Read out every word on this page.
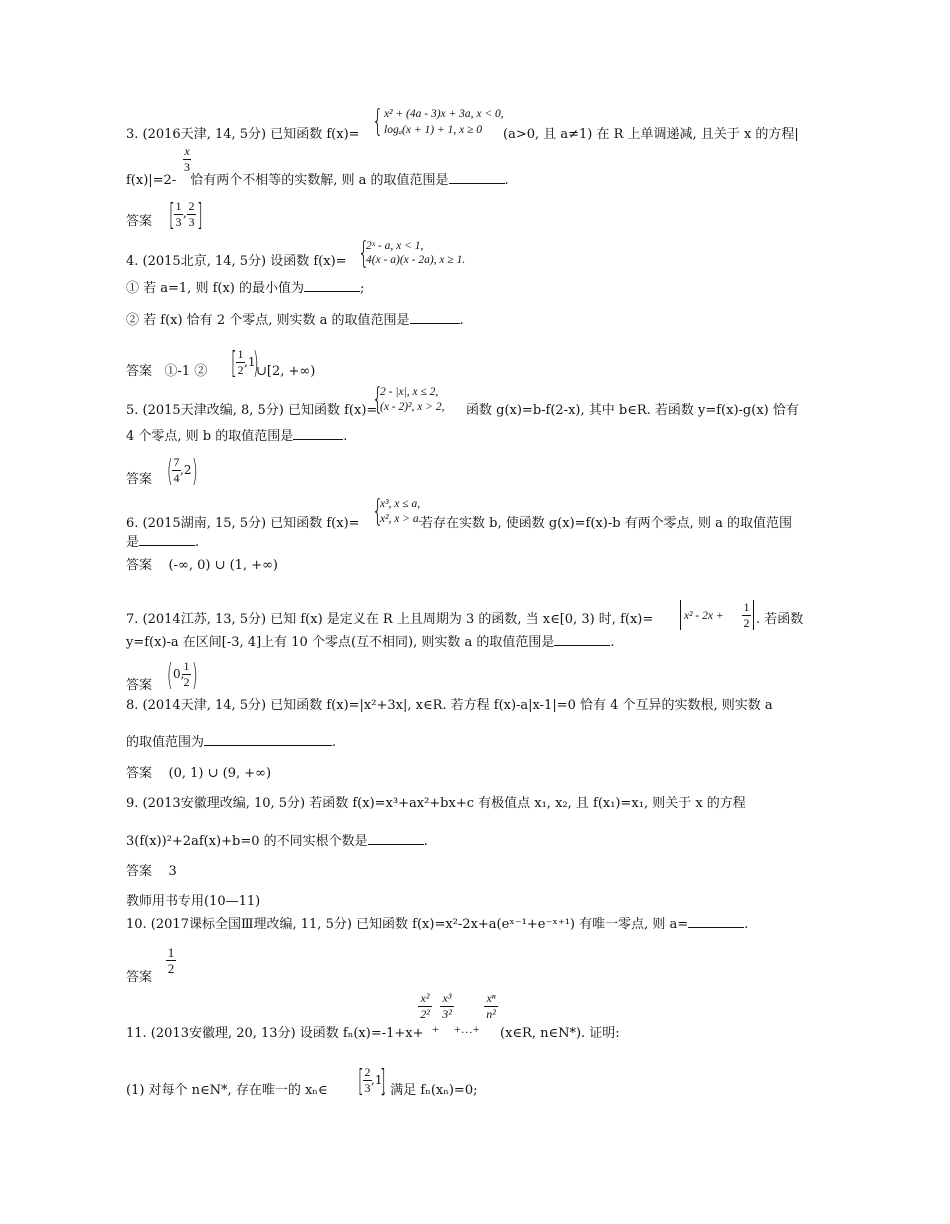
{ x² + (4a - 3)x + 3a, x < 0,
logₐ(x + 1) + 1, x ≥ 0
3. (2016天津, 14, 5分) 已知函数 f(x)=	(a>0, 且 a≠1) 在 R 上单调递减, 且关于 x 的方程|
x
3
f(x)|=2- 恰有两个不相等的实数解, 则 a 的取值范围是	.
答案 [ 1
3
, 2
3 ]
{
2ˣ - a, x < 1,
4(x - a)(x - 2a), x ≥ 1.
4. (2015北京, 14, 5分) 设函数 f(x)=
① 若 a=1, 则 f(x) 的最小值为	;
② 若 f(x) 恰有 2 个零点, 则实数 a 的取值范围是	.
答案 ①-1 ② [ 1
2
,1
)
∪[2, +∞)
{
2 - |x|, x ≤ 2,
(x - 2)², x > 2,
5. (2015天津改编, 8, 5分) 已知函数 f(x)=	函数 g(x)=b-f(2-x), 其中 b∈R. 若函数 y=f(x)-g(x) 恰有
4 个零点, 则 b 的取值范围是	.
答案 ( 7
4
,2 )
{
x³, x ≤ a,
x², x > a.
6. (2015湖南, 15, 5分) 已知函数 f(x)=	若存在实数 b, 使函数 g(x)=f(x)-b 有两个零点, 则 a 的取值范围
是	.
答案 (-∞, 0) ∪ (1, +∞)
7. (2014江苏, 13, 5分) 已知 f(x) 是定义在 R 上且周期为 3 的函数, 当 x∈[0, 3) 时, f(x)=	x² - 2x +
1
2 . 若函数
y=f(x)-a 在区间[-3, 4]上有 10 个零点(互不相同), 则实数 a 的取值范围是	.
答案 ( 0,
1
2 )
8. (2014天津, 14, 5分) 已知函数 f(x)=|x²+3x|, x∈R. 若方程 f(x)-a|x-1|=0 恰有 4 个互异的实数根, 则实数 a
的取值范围为	.
答案 (0, 1) ∪ (9, +∞)
9. (2013安徽理改编, 10, 5分) 若函数 f(x)=x³+ax²+bx+c 有极值点 x₁, x₂, 且 f(x₁)=x₁, 则关于 x 的方程
3(f(x))²+2af(x)+b=0 的不同实根个数是	.
答案 3
教师用书专用(10—11)
10. (2017课标全国Ⅲ理改编, 11, 5分) 已知函数 f(x)=x²-2x+a(eˣ⁻¹+e⁻ˣ⁺¹) 有唯一零点, 则 a=	.
答案
1
2
11. (2013安徽理, 20, 13分) 设函数 fₙ(x)=-1+x+
x²
2²
+
x³
3²
+…+
xⁿ
n²
(x∈R, n∈N*). 证明:
(1) 对每个 n∈N*, 存在唯一的 xₙ∈ [ 2
3
,1
]
, 满足 fₙ(xₙ)=0;
